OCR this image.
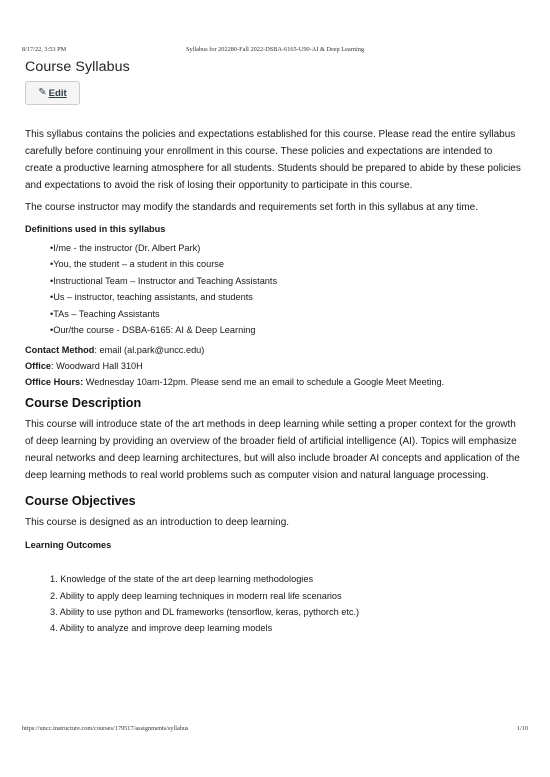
8/17/22, 3:53 PM	Syllabus for 202280-Fall 2022-DSBA-6165-U90-AI & Deep Learning
Course Syllabus
✎ Edit

This syllabus contains the policies and expectations established for this course. Please read the entire syllabus carefully before continuing your enrollment in this course. These policies and expectations are intended to create a productive learning atmosphere for all students. Students should be prepared to abide by these policies and expectations to avoid the risk of losing their opportunity to participate in this course.

The course instructor may modify the standards and requirements set forth in this syllabus at any time.

Definitions used in this syllabus
•I/me - the instructor (Dr. Albert Park)
•You, the student – a student in this course
•Instructional Team – Instructor and Teaching Assistants
•Us – instructor, teaching assistants, and students
•TAs – Teaching Assistants
•Our/the course - DSBA-6165: AI & Deep Learning
Contact Method: email (al.park@uncc.edu)
Office: Woodward Hall 310H
Office Hours: Wednesday 10am-12pm. Please send me an email to schedule a Google Meet Meeting.
Course Description

This course will introduce state of the art methods in deep learning while setting a proper context for the growth of deep learning by providing an overview of the broader field of artificial intelligence (AI). Topics will emphasize neural networks and deep learning architectures, but will also include broader AI concepts and application of the deep learning methods to real world problems such as computer vision and natural language processing.

Course Objectives

This course is designed as an introduction to deep learning.

Learning Outcomes
1. Knowledge of the state of the art deep learning methodologies
2. Ability to apply deep learning techniques in modern real life scenarios
3. Ability to use python and DL frameworks (tensorflow, keras, pythorch etc.)
4. Ability to analyze and improve deep learning models
https://uncc.instructure.com/courses/179517/assignments/syllabus	1/10
